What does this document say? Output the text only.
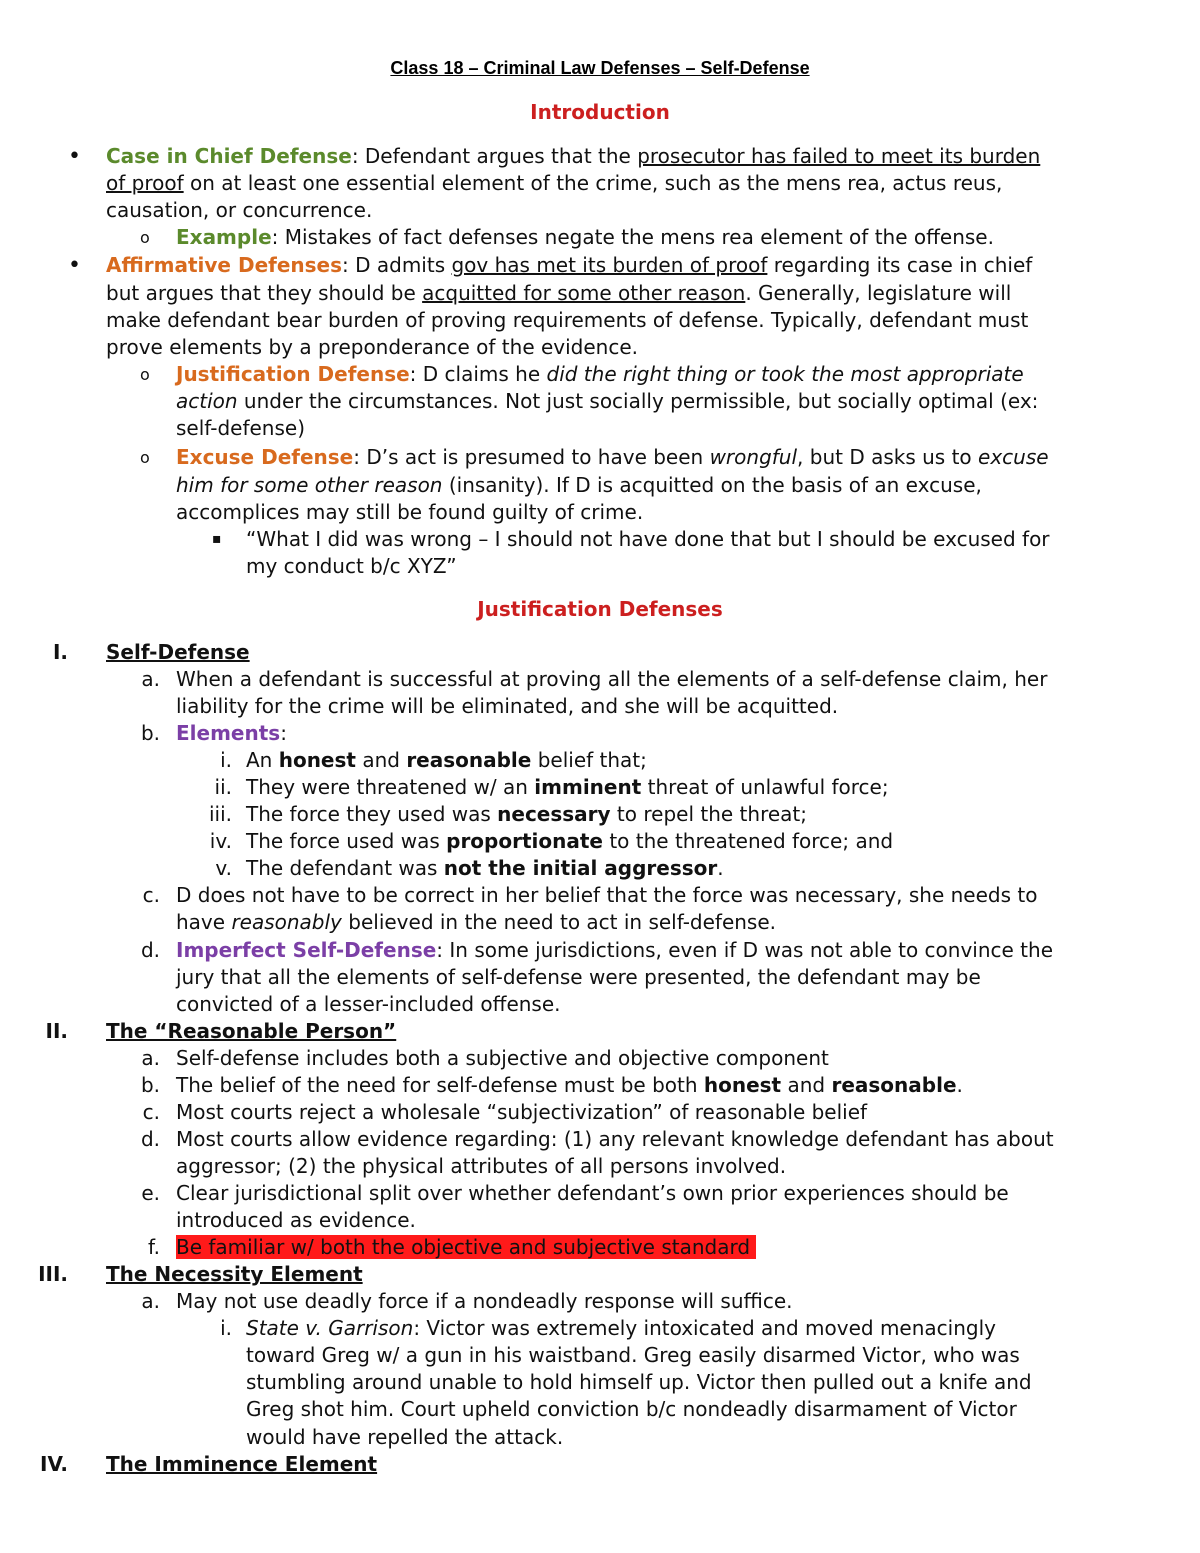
Class 18 – Criminal Law Defenses – Self-Defense
Introduction
• Case in Chief Defense: Defendant argues that the prosecutor has failed to meet its burden
of proof on at least one essential element of the crime, such as the mens rea, actus reus,
causation, or concurrence.
o Example: Mistakes of fact defenses negate the mens rea element of the offense.
• Affirmative Defenses: D admits gov has met its burden of proof regarding its case in chief
but argues that they should be acquitted for some other reason. Generally, legislature will
make defendant bear burden of proving requirements of defense. Typically, defendant must
prove elements by a preponderance of the evidence.
o Justification Defense: D claims he did the right thing or took the most appropriate
action under the circumstances. Not just socially permissible, but socially optimal (ex:
self-defense)
o Excuse Defense: D’s act is presumed to have been wrongful, but D asks us to excuse
him for some other reason (insanity). If D is acquitted on the basis of an excuse,
accomplices may still be found guilty of crime.
▪ “What I did was wrong – I should not have done that but I should be excused for
my conduct b/c XYZ”
Justification Defenses
I. Self-Defense
a. When a defendant is successful at proving all the elements of a self-defense claim, her
liability for the crime will be eliminated, and she will be acquitted.
b. Elements:
i. An honest and reasonable belief that;
ii. They were threatened w/ an imminent threat of unlawful force;
iii. The force they used was necessary to repel the threat;
iv. The force used was proportionate to the threatened force; and
v. The defendant was not the initial aggressor.
c. D does not have to be correct in her belief that the force was necessary, she needs to
have reasonably believed in the need to act in self-defense.
d. Imperfect Self-Defense: In some jurisdictions, even if D was not able to convince the
jury that all the elements of self-defense were presented, the defendant may be
convicted of a lesser-included offense.
II. The “Reasonable Person”
a. Self-defense includes both a subjective and objective component
b. The belief of the need for self-defense must be both honest and reasonable.
c. Most courts reject a wholesale “subjectivization” of reasonable belief
d. Most courts allow evidence regarding: (1) any relevant knowledge defendant has about
aggressor; (2) the physical attributes of all persons involved.
e. Clear jurisdictional split over whether defendant’s own prior experiences should be
introduced as evidence.
f. Be familiar w/ both the objective and subjective standard
III. The Necessity Element
a. May not use deadly force if a nondeadly response will suffice.
i. State v. Garrison: Victor was extremely intoxicated and moved menacingly
toward Greg w/ a gun in his waistband. Greg easily disarmed Victor, who was
stumbling around unable to hold himself up. Victor then pulled out a knife and
Greg shot him. Court upheld conviction b/c nondeadly disarmament of Victor
would have repelled the attack.
IV. The Imminence Element
